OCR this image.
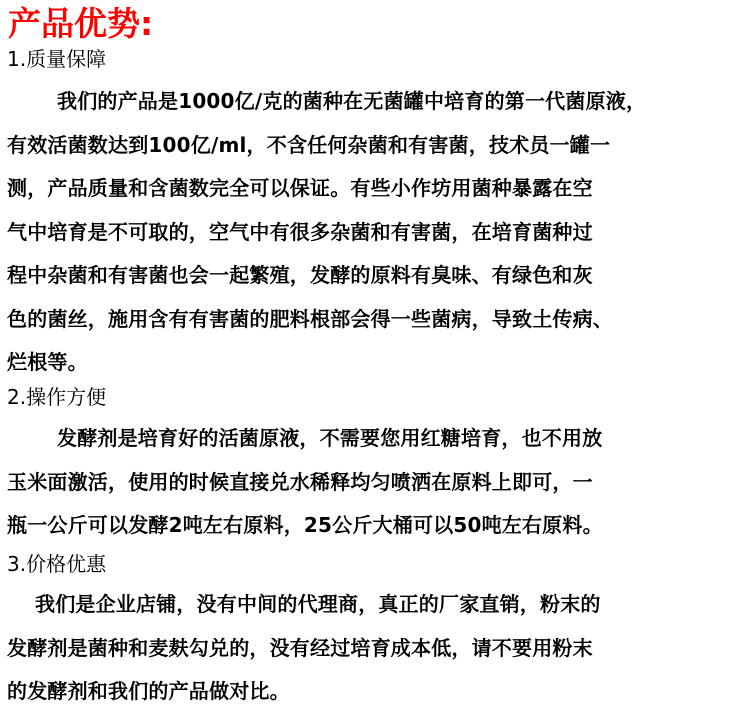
产品优势:
1.质量保障
我们的产品是1000亿/克的菌种在无菌罐中培育的第一代菌原液，
有效活菌数达到100亿/ml，不含任何杂菌和有害菌，技术员一罐一
测，产品质量和含菌数完全可以保证。有些小作坊用菌种暴露在空
气中培育是不可取的，空气中有很多杂菌和有害菌，在培育菌种过
程中杂菌和有害菌也会一起繁殖，发酵的原料有臭味、有绿色和灰
色的菌丝，施用含有有害菌的肥料根部会得一些菌病，导致土传病、
烂根等。
2.操作方便
发酵剂是培育好的活菌原液，不需要您用红糖培育，也不用放
玉米面激活，使用的时候直接兑水稀释均匀喷洒在原料上即可，一
瓶一公斤可以发酵2吨左右原料，25公斤大桶可以50吨左右原料。
3.价格优惠
我们是企业店铺，没有中间的代理商，真正的厂家直销，粉末的
发酵剂是菌种和麦麸勾兑的，没有经过培育成本低，请不要用粉末
的发酵剂和我们的产品做对比。
